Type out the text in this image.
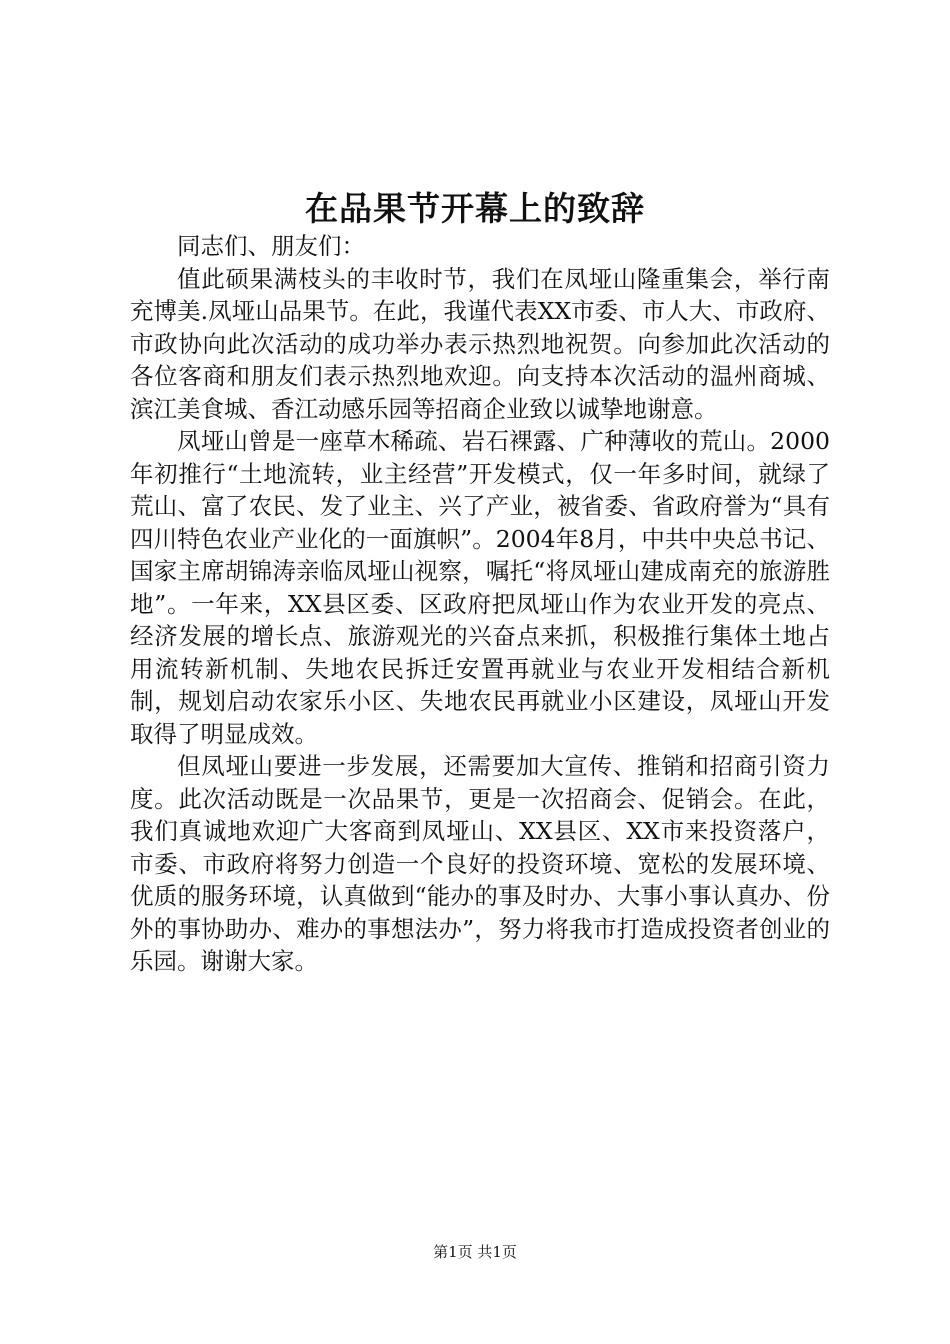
在品果节开幕上的致辞

同志们、朋友们：

值此硕果满枝头的丰收时节，我们在凤垭山隆重集会，举行南充博美.凤垭山品果节。在此，我谨代表XX市委、市人大、市政府、市政协向此次活动的成功举办表示热烈地祝贺。向参加此次活动的各位客商和朋友们表示热烈地欢迎。向支持本次活动的温州商城、滨江美食城、香江动感乐园等招商企业致以诚挚地谢意。

凤垭山曾是一座草木稀疏、岩石裸露、广种薄收的荒山。2000年初推行“土地流转，业主经营”开发模式，仅一年多时间，就绿了荒山、富了农民、发了业主、兴了产业，被省委、省政府誉为“具有四川特色农业产业化的一面旗帜”。2004年8月，中共中央总书记、国家主席胡锦涛亲临凤垭山视察，嘱托“将凤垭山建成南充的旅游胜地”。一年来，XX县区委、区政府把凤垭山作为农业开发的亮点、经济发展的增长点、旅游观光的兴奋点来抓，积极推行集体土地占用流转新机制、失地农民拆迁安置再就业与农业开发相结合新机制，规划启动农家乐小区、失地农民再就业小区建设，凤垭山开发取得了明显成效。

但凤垭山要进一步发展，还需要加大宣传、推销和招商引资力度。此次活动既是一次品果节，更是一次招商会、促销会。在此，我们真诚地欢迎广大客商到凤垭山、XX县区、XX市来投资落户，市委、市政府将努力创造一个良好的投资环境、宽松的发展环境、优质的服务环境，认真做到“能办的事及时办、大事小事认真办、份外的事协助办、难办的事想法办”，努力将我市打造成投资者创业的乐园。谢谢大家。

第1页 共1页
